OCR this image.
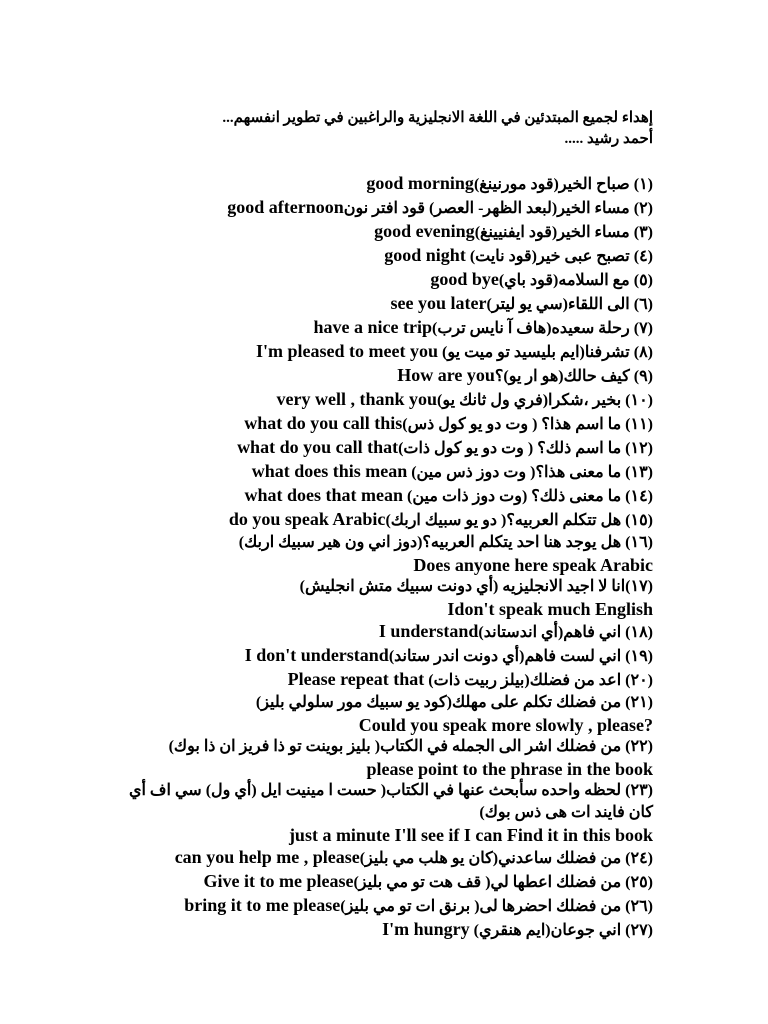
إهداء لجميع المبتدئين في اللغة الانجليزية والراغبين في تطوير انفسهم...
أحمد رشيد .....
(١) صباح الخير(قود مورنينغ)good morning
(٢) مساء الخير(لبعد الظهر- العصر) قود افتر نونgood afternoon
(٣) مساء الخير(قود ايفنيينغ)good evening
(٤) تصبح عبى خير(قود نايت) good night
(٥) مع السلامه(قود باي)good bye
(٦) الى اللقاء(سي يو ليتر)see you later
(٧) رحلة سعيده(هاف آ نايس ترب)have a nice trip
(٨) تشرفنا(ايم بليسيد تو ميت يو) I'm pleased to meet you
(٩) كيف حالك(هو ار يو)؟How are you
(١٠) بخير ،شكرا(فري ول ثانك يو)very well , thank you
(١١) ما اسم هذا؟ ( وت دو يو كول ذس)what do you call this
(١٢) ما اسم ذلك؟ ( وت دو يو كول ذات)what do you call that
(١٣) ما معنى هذا؟( وت دوز ذس مين) what does this mean
(١٤) ما معنى ذلك؟ (وت دوز ذات مين) what does that mean
(١٥) هل تتكلم العربيه؟( دو يو سبيك اربك)do you speak Arabic
(١٦) هل يوجد هنا احد يتكلم العربيه؟(دوز اني ون هير سبيك اربك)
Does anyone here speak Arabic
(١٧)انا لا اجيد الانجليزيه (أي دونت سبيك متش انجليش)
Idon't speak much English
(١٨) اني فاهم(أي اندستاند)I understand
(١٩) اني لست فاهم(أي دونت اندر ستاند)I don't understand
(٢٠) اعد من فضلك(بيلز ربيت ذات) Please repeat that
(٢١) من فضلك تكلم على مهلك(كود يو سبيك مور سلولي بليز)
Could you speak more slowly , please?
(٢٢) من فضلك اشر الى الجمله في الكتاب( بليز بوينت تو ذا فريز ان ذا بوك)
please point to the phrase in the book
(٢٣) لحظه واحده سأبحث عنها في الكتاب( حست ا مينيت ايل (أي ول) سي اف أي كان فايند ات هى ذس بوك)
just a minute I'll see if I can Find it in this book
(٢٤) من فضلك ساعدني(كان يو هلب مي بليز)can you help me , please
(٢٥) من فضلك اعطها لي( قف هت تو مي بليز)Give it to me please
(٢٦) من فضلك احضرها لى( برنق ات تو مي بليز)bring it to me please
(٢٧) اني جوعان(ايم هنقري) I'm hungry
